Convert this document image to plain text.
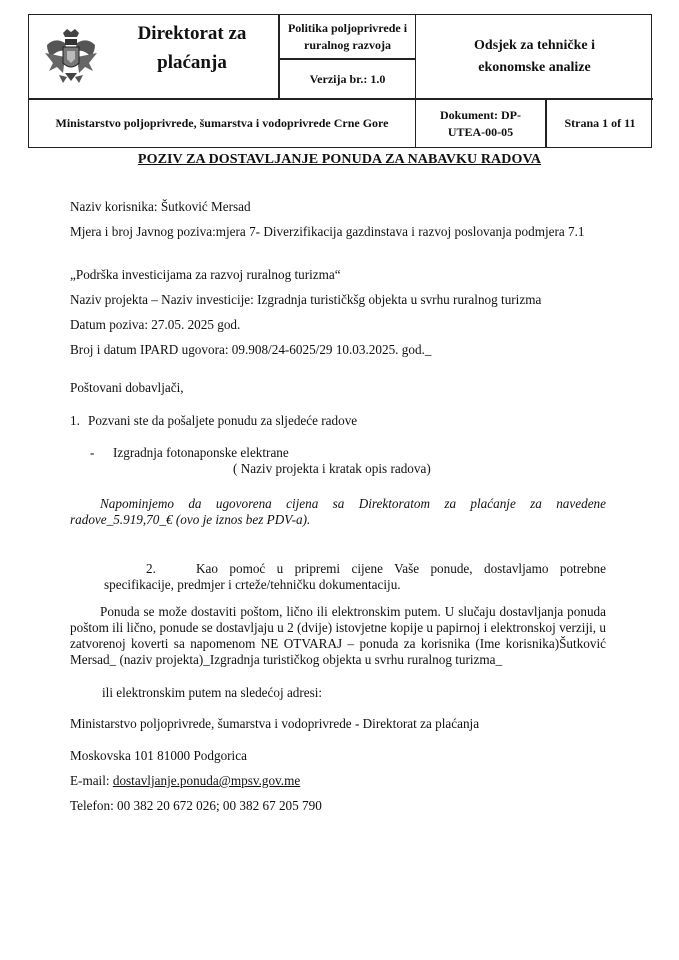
Direktorat za plaćanja
Politika poljoprivrede i ruralnog razvoja
Verzija br.: 1.0
Odsjek za tehničke i ekonomske analize
Ministarstvo poljoprivrede, šumarstva i vodoprivrede Crne Gore
Dokument: DP-UTEA-00-05
Strana 1 of 11
POZIV ZA DOSTAVLJANJE PONUDA ZA NABAVKU RADOVA

Naziv korisnika: Šutković Mersad

Mjera i broj Javnog poziva:mjera 7- Diverzifikacija gazdinstava i razvoj poslovanja podmjera 7.1

„Podrška investicijama za razvoj ruralnog turizma“

Naziv projekta – Naziv investicije: Izgradnja turističkšg objekta u svrhu ruralnog turizma

Datum poziva: 27.05. 2025 god.

Broj i datum IPARD ugovora: 09.908/24-6025/29 10.03.2025. god._

Poštovani dobavljači,

1. Pozvani ste da pošaljete ponudu za sljedeće radove

- Izgradnja fotonaponske elektrane

( Naziv projekta i kratak opis radova)

Napominjemo da ugovorena cijena sa Direktoratom za plaćanje za navedene radove_5.919,70_€ (ovo je iznos bez PDV-a).

2.	Kao pomoć u pripremi cijene Vaše ponude, dostavljamo potrebne specifikacije, predmjer i crteže/tehničku dokumentaciju.

Ponuda se može dostaviti poštom, lično ili elektronskim putem. U slučaju dostavljanja ponuda poštom ili lično, ponude se dostavljaju u 2 (dvije) istovjetne kopije u papirnoj i elektronskoj verziji, u zatvorenoj koverti sa napomenom NE OTVARAJ – ponuda za korisnika (Ime korisnika)Šutković Mersad_ (naziv projekta)_Izgradnja turističkog objekta u svrhu ruralnog turizma_

ili elektronskim putem na sledećoj adresi:

Ministarstvo poljoprivrede, šumarstva i vodoprivrede - Direktorat za plaćanja

Moskovska 101 81000 Podgorica

E-mail: dostavljanje.ponuda@mpsv.gov.me

Telefon: 00 382 20 672 026; 00 382 67 205 790
